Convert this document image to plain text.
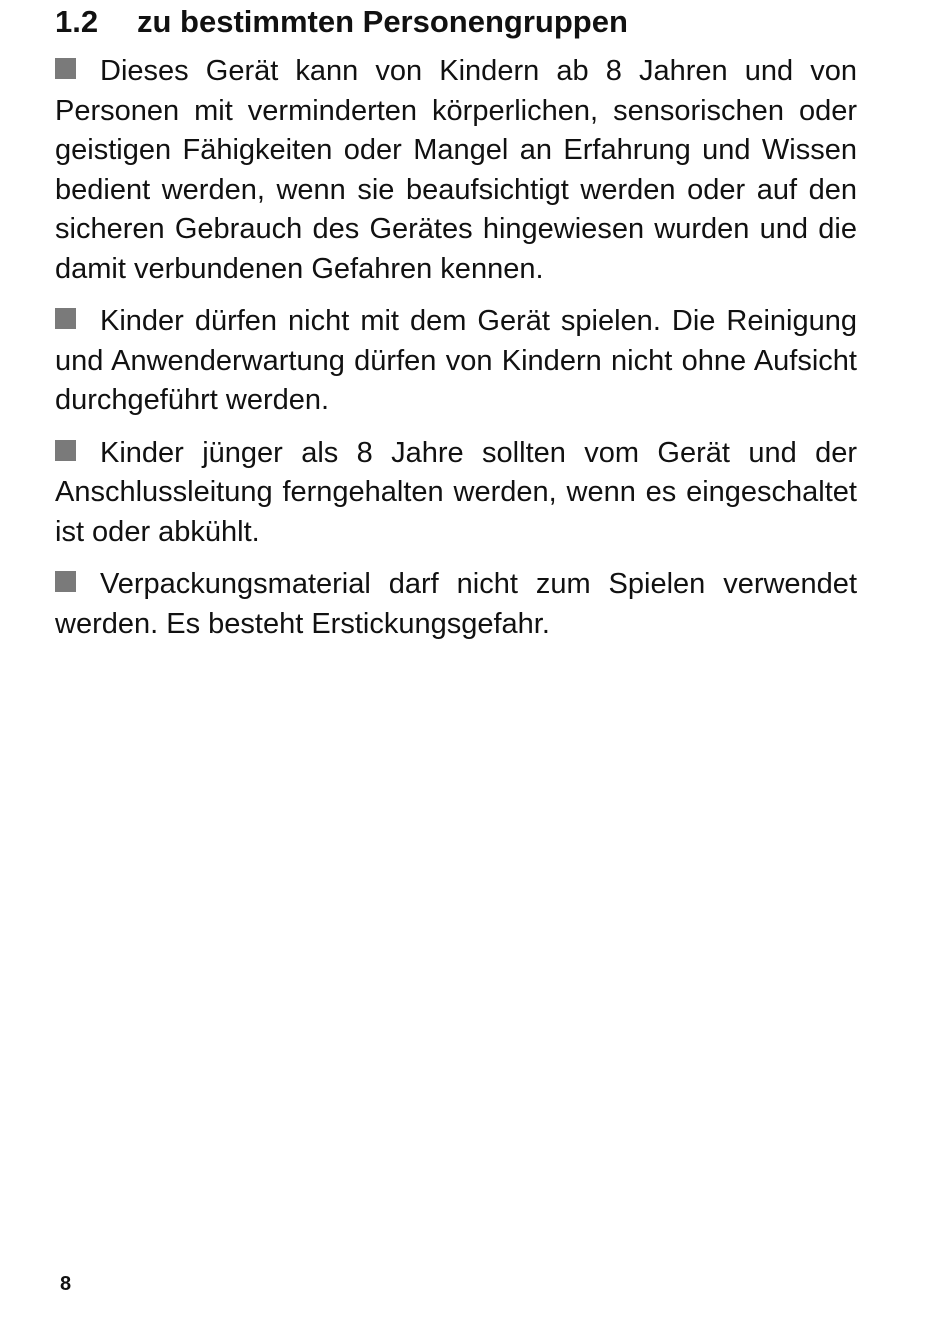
1.2 zu bestimmten Personengruppen

Dieses Gerät kann von Kindern ab 8 Jahren und von Personen mit verminderten körperlichen, sensorischen oder geistigen Fähigkeiten oder Mangel an Erfahrung und Wissen bedient werden, wenn sie beaufsichtigt werden oder auf den sicheren Gebrauch des Gerätes hingewiesen wurden und die damit verbundenen Gefahren kennen.

Kinder dürfen nicht mit dem Gerät spielen. Die Reinigung und Anwenderwartung dürfen von Kindern nicht ohne Aufsicht durchgeführt werden.

Kinder jünger als 8 Jahre sollten vom Gerät und der Anschlussleitung ferngehalten werden, wenn es eingeschaltet ist oder abkühlt.

Verpackungsmaterial darf nicht zum Spielen verwendet werden. Es besteht Erstickungsgefahr.

8
